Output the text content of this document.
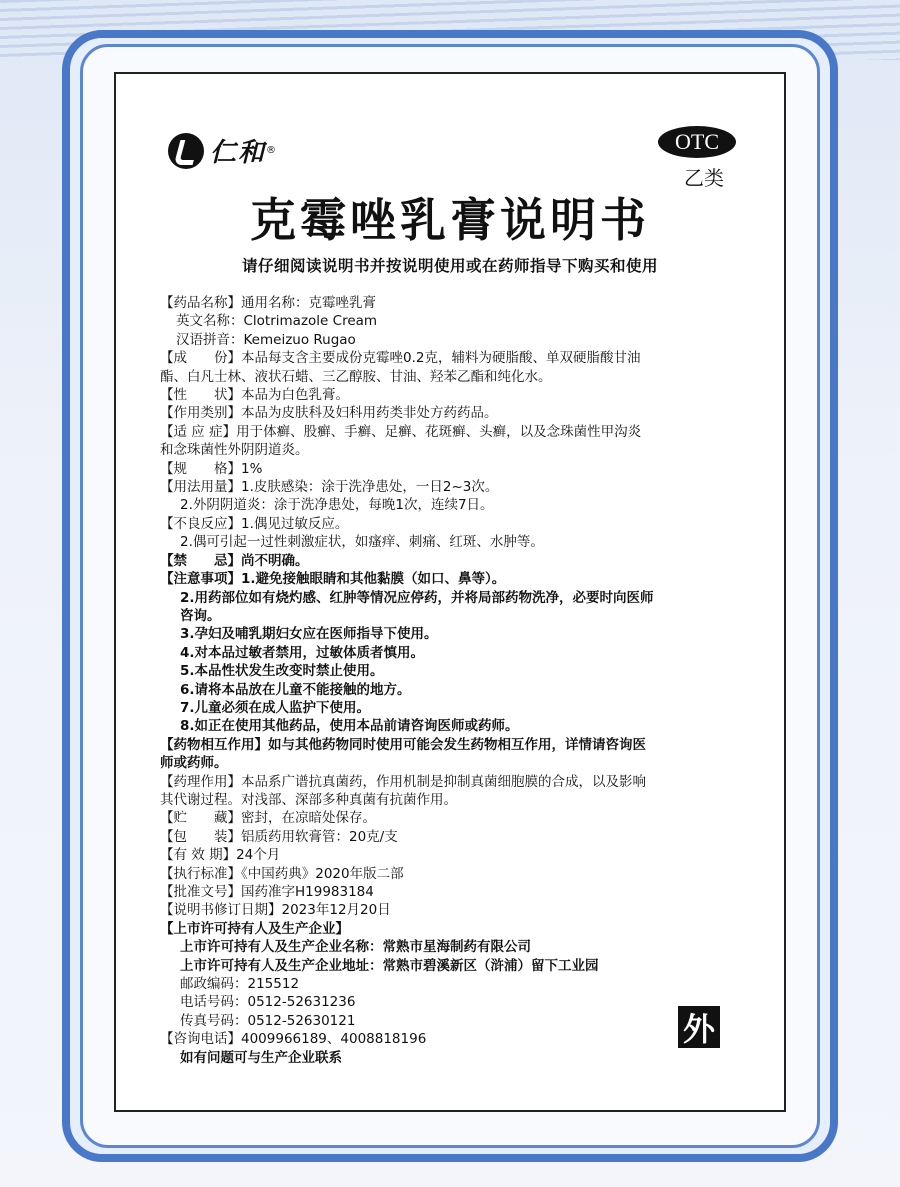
仁和 ®	OTC
乙类
克霉唑乳膏说明书
请仔细阅读说明书并按说明使用或在药师指导下购买和使用
【药品名称】通用名称：克霉唑乳膏
英文名称：Clotrimazole Cream
汉语拼音：Kemeizuo Rugao
【成　　份】本品每支含主要成份克霉唑0.2克，辅料为硬脂酸、单双硬脂酸甘油
酯、白凡士林、液状石蜡、三乙醇胺、甘油、羟苯乙酯和纯化水。
【性　　状】本品为白色乳膏。
【作用类别】本品为皮肤科及妇科用药类非处方药药品。
【适 应 症】用于体癣、股癣、手癣、足癣、花斑癣、头癣，以及念珠菌性甲沟炎
和念珠菌性外阴阴道炎。
【规　　格】1%
【用法用量】1.皮肤感染：涂于洗净患处，一日2~3次。
2.外阴阴道炎：涂于洗净患处，每晚1次，连续7日。
【不良反应】1.偶见过敏反应。
2.偶可引起一过性刺激症状，如瘙痒、刺痛、红斑、水肿等。
【禁　　忌】尚不明确。
【注意事项】1.避免接触眼睛和其他黏膜（如口、鼻等）。
2.用药部位如有烧灼感、红肿等情况应停药，并将局部药物洗净，必要时向医师
咨询。
3.孕妇及哺乳期妇女应在医师指导下使用。
4.对本品过敏者禁用，过敏体质者慎用。
5.本品性状发生改变时禁止使用。
6.请将本品放在儿童不能接触的地方。
7.儿童必须在成人监护下使用。
8.如正在使用其他药品，使用本品前请咨询医师或药师。
【药物相互作用】如与其他药物同时使用可能会发生药物相互作用，详情请咨询医
师或药师。
【药理作用】本品系广谱抗真菌药，作用机制是抑制真菌细胞膜的合成，以及影响
其代谢过程。对浅部、深部多种真菌有抗菌作用。
【贮　　藏】密封，在凉暗处保存。
【包　　装】铝质药用软膏管：20克/支
【有 效 期】24个月
【执行标准】《中国药典》2020年版二部
【批准文号】国药准字H19983184
【说明书修订日期】2023年12月20日
【上市许可持有人及生产企业】
上市许可持有人及生产企业名称：常熟市星海制药有限公司
上市许可持有人及生产企业地址：常熟市碧溪新区（浒浦）留下工业园
邮政编码：215512
电话号码：0512-52631236
传真号码：0512-52630121
【咨询电话】4009966189、4008818196
如有问题可与生产企业联系
外
